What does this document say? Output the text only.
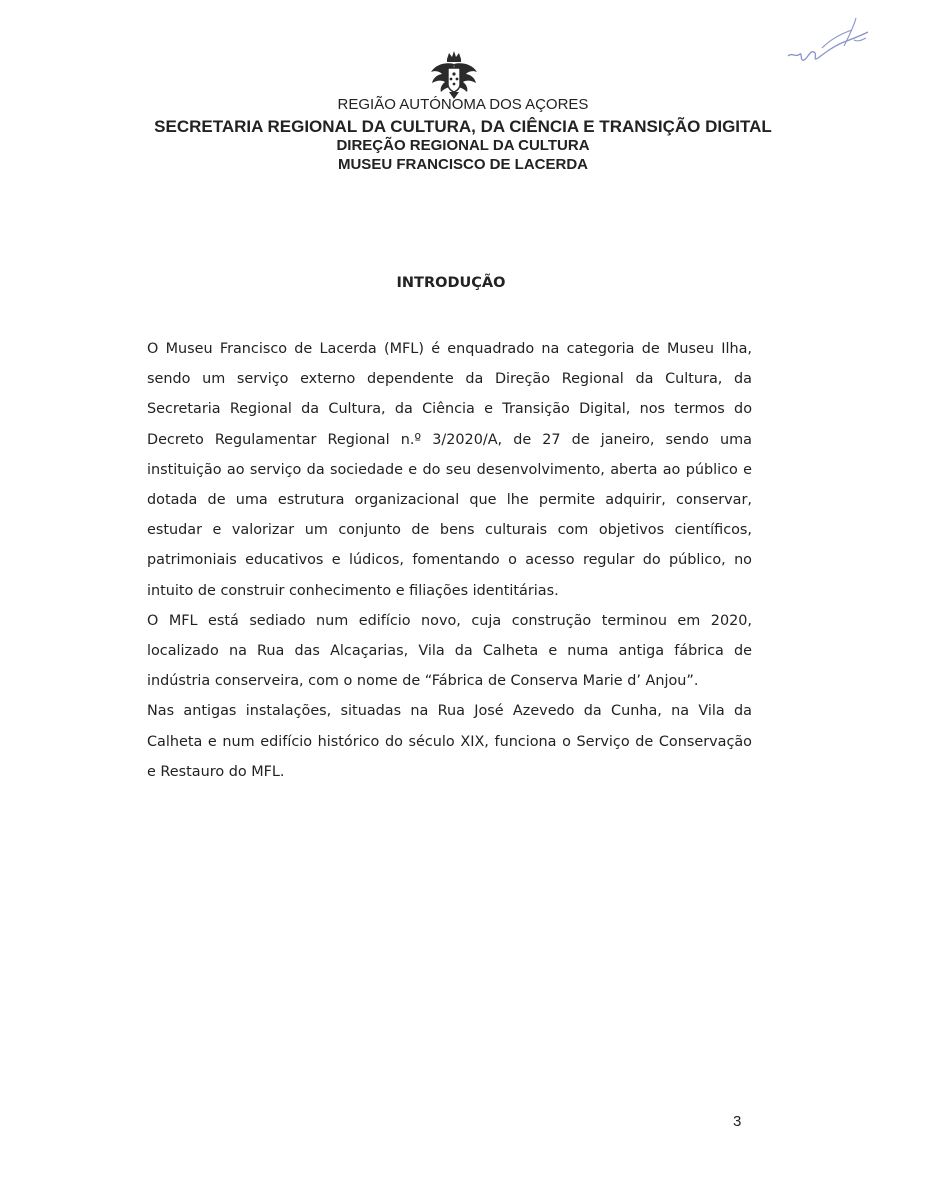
REGIÃO AUTÓNOMA DOS AÇORES
SECRETARIA REGIONAL DA CULTURA, DA CIÊNCIA E TRANSIÇÃO DIGITAL
DIREÇÃO REGIONAL DA CULTURA
MUSEU FRANCISCO DE LACERDA
INTRODUÇÃO

O Museu Francisco de Lacerda (MFL) é enquadrado na categoria de Museu Ilha, sendo um serviço externo dependente da Direção Regional da Cultura, da Secretaria Regional da Cultura, da Ciência e Transição Digital, nos termos do Decreto Regulamentar Regional n.º 3/2020/A, de 27 de janeiro, sendo uma instituição ao serviço da sociedade e do seu desenvolvimento, aberta ao público e dotada de uma estrutura organizacional que lhe permite adquirir, conservar, estudar e valorizar um conjunto de bens culturais com objetivos científicos, patrimoniais educativos e lúdicos, fomentando o acesso regular do público, no intuito de construir conhecimento e filiações identitárias.

O MFL está sediado num edifício novo, cuja construção terminou em 2020, localizado na Rua das Alcaçarias, Vila da Calheta e numa antiga fábrica de indústria conserveira, com o nome de “Fábrica de Conserva Marie d’ Anjou”.

Nas antigas instalações, situadas na Rua José Azevedo da Cunha, na Vila da Calheta e num edifício histórico do século XIX, funciona o Serviço de Conservação e Restauro do MFL.

3
